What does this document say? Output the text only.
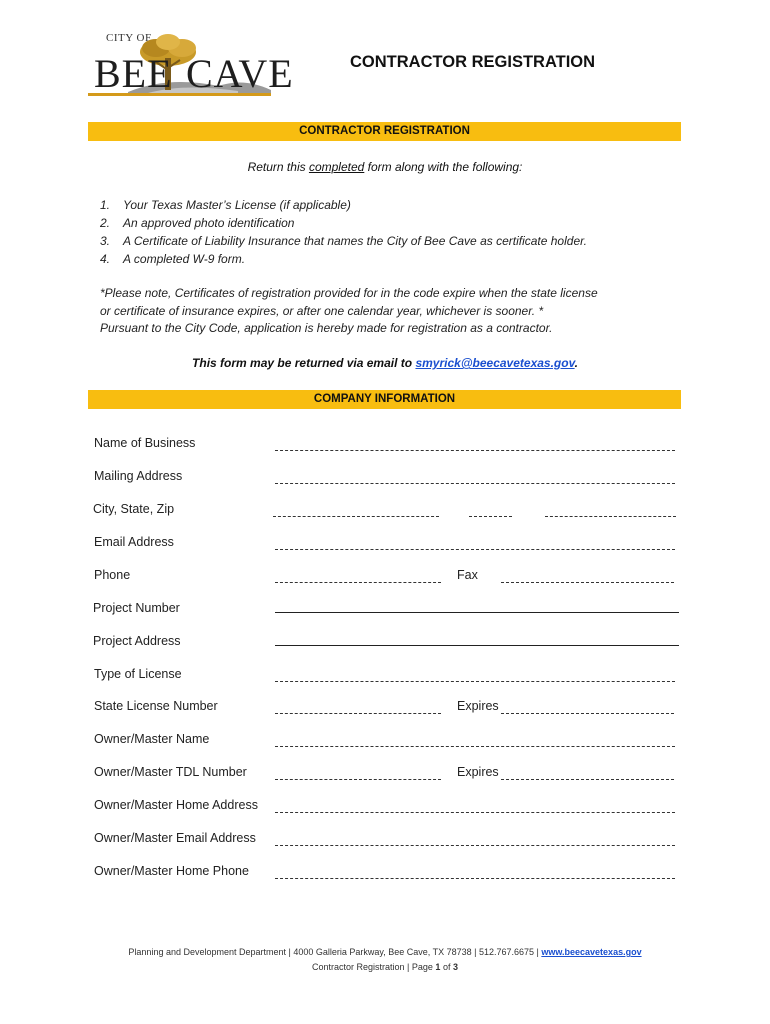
CITY OF
BEE CAVE	CONTRACTOR REGISTRATION
CONTRACTOR REGISTRATION
Return this completed form along with the following:
1. Your Texas Master’s License (if applicable)
2. An approved photo identification
3. A Certificate of Liability Insurance that names the City of Bee Cave as certificate holder.
4. A completed W-9 form.
*Please note, Certificates of registration provided for in the code expire when the state license
or certificate of insurance expires, or after one calendar year, whichever is sooner. *
Pursuant to the City Code, application is hereby made for registration as a contractor.
This form may be returned via email to smyrick@beecavetexas.gov.
COMPANY INFORMATION
Name of Business
Mailing Address
City, State, Zip
Email Address
Phone	Fax
Project Number
Project Address
Type of License
State License Number	Expires
Owner/Master Name
Owner/Master TDL Number	Expires
Owner/Master Home Address
Owner/Master Email Address
Owner/Master Home Phone
Planning and Development Department | 4000 Galleria Parkway, Bee Cave, TX 78738 | 512.767.6675 | www.beecavetexas.gov
Contractor Registration | Page 1 of 3
